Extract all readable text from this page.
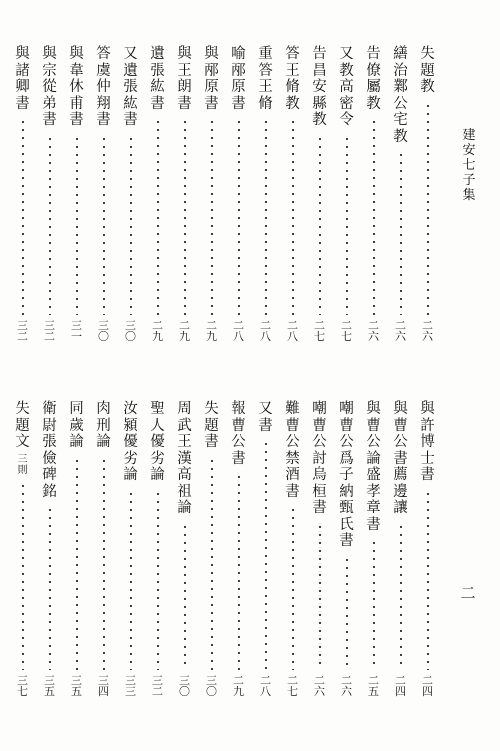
建
安
七
子
集
二
失
題
教
二
六
繕
治
鄴
公
宅
教
二
六
告
僚
屬
教
二
六
又
教
高
密
令
二
七
告
昌
安
縣
教
二
七
答
王
脩
教
二
八
重
答
王
脩
二
八
喻
邴
原
書
二
八
與
邴
原
書
二
九
與
王
朗
書
二
九
遺
張
紘
書
二
九
又
遺
張
紘
書
三
〇
答
虞
仲
翔
書
三
〇
與
韋
休
甫
書
三
一
與
宗
從
弟
書
三
二
與
諸
卿
書
三
二
與
許
博
士
書
二
四
與
曹
公
書
薦
邊
讓
二
四
與
曹
公
論
盛
孝
章
書
二
五
嘲
曹
公
爲
子
納
甄
氏
書
二
六
嘲
曹
公
討
烏
桓
書
二
六
難
曹
公
禁
酒
書
二
七
又
書
二
八
報
曹
公
書
二
九
失
題
書
三
〇
周
武
王
漢
高
祖
論
三
〇
聖
人
優
劣
論
三
二
汝
潁
優
劣
論
三
三
肉
刑
論
三
四
同
歲
論
三
五
衛
尉
張
儉
碑
銘
三
五
失
題
文
三
則
三
七
